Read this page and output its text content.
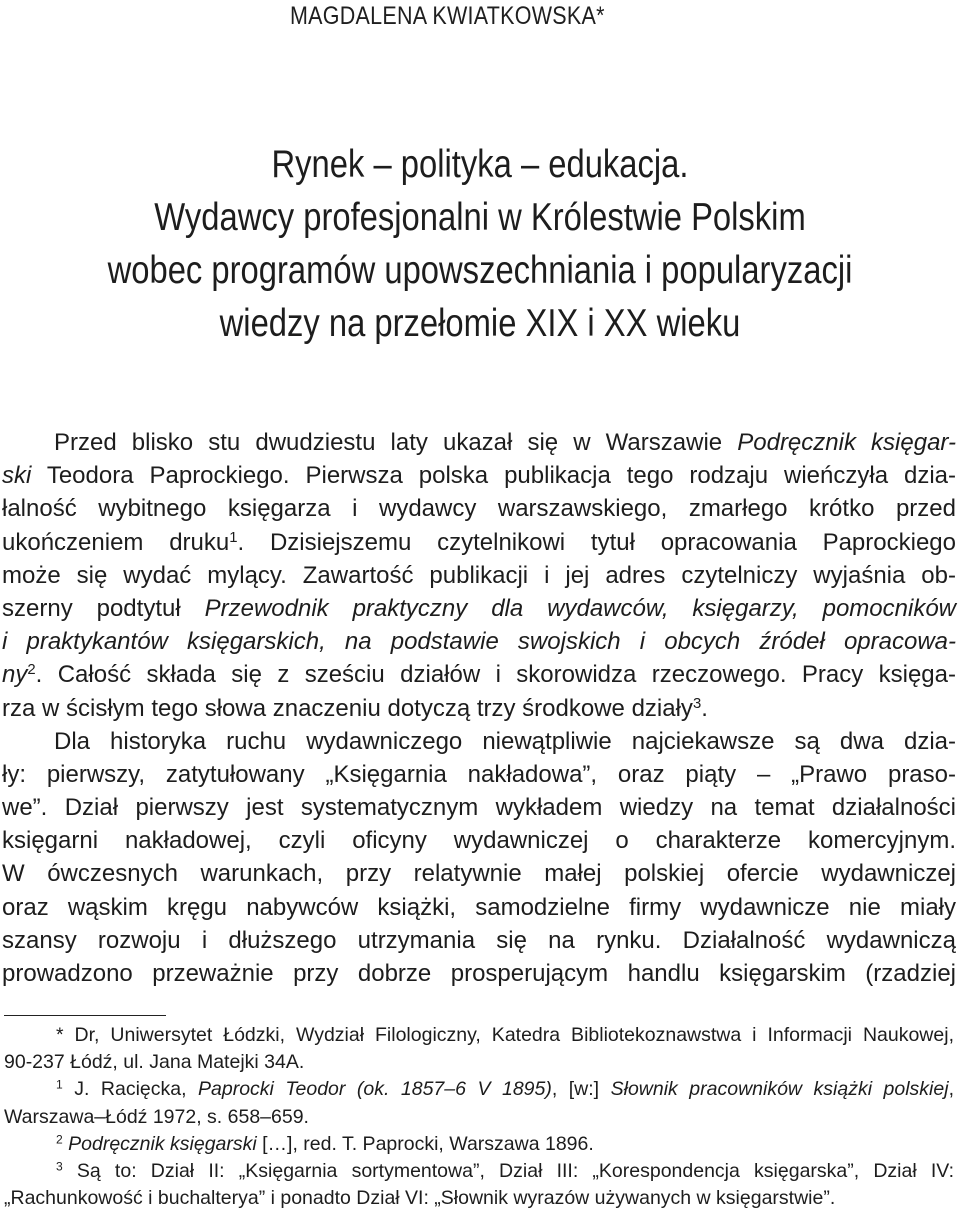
MAGDALENA KWIATKOWSKA*
Rynek – polityka – edukacja.
Wydawcy profesjonalni w Królestwie Polskim
wobec programów upowszechniania i popularyzacji
wiedzy na przełomie XIX i XX wieku
Przed blisko stu dwudziestu laty ukazał się w Warszawie Podręcznik księgar-
ski Teodora Paprockiego. Pierwsza polska publikacja tego rodzaju wieńczyła dzia-
łalność wybitnego księgarza i wydawcy warszawskiego, zmarłego krótko przed
ukończeniem druku$^1$. Dzisiejszemu czytelnikowi tytuł opracowania Paprockiego
może się wydać mylący. Zawartość publikacji i jej adres czytelniczy wyjaśnia ob-
szerny podtytuł Przewodnik praktyczny dla wydawców, księgarzy, pomocników
i praktykantów księgarskich, na podstawie swojskich i obcych źródeł opracowa-
$ny^2$. Całość składa się z sześciu działów i skorowidza rzeczowego. Pracy księga-
rza w ścisłym tego słowa znaczeniu dotyczą trzy środkowe działy$^3$.
Dla historyka ruchu wydawniczego niewątpliwie najciekawsze są dwa dzia-
ły: pierwszy, zatytułowany „Księgarnia nakładowa”, oraz piąty – „Prawo praso-
we”. Dział pierwszy jest systematycznym wykładem wiedzy na temat działalności
księgarni nakładowej, czyli oficyny wydawniczej o charakterze komercyjnym.
W ówczesnych warunkach, przy relatywnie małej polskiej ofercie wydawniczej
oraz wąskim kręgu nabywców książki, samodzielne firmy wydawnicze nie miały
szansy rozwoju i dłuższego utrzymania się na rynku. Działalność wydawniczą
prowadzono przeważnie przy dobrze prosperującym handlu księgarskim (rzadziej
* Dr, Uniwersytet Łódzki, Wydział Filologiczny, Katedra Bibliotekoznawstwa i Informacji Naukowej,
90-237 Łódź, ul. Jana Matejki 34A.
$^1$ J. Racięcka, Paprocki Teodor (ok. 1857–6 V 1895), [w:] Słownik pracowników książki polskiej,
Warszawa–Łódź 1972, s. 658–659.
$^2$ Podręcznik księgarski […], red. T. Paprocki, Warszawa 1896.
$^3$ Są to: Dział II: „Księgarnia sortymentowa”, Dział III: „Korespondencja księgarska”, Dział IV:
„Rachunkowość i buchalterya” i ponadto Dział VI: „Słownik wyrazów używanych w księgarstwie”.
